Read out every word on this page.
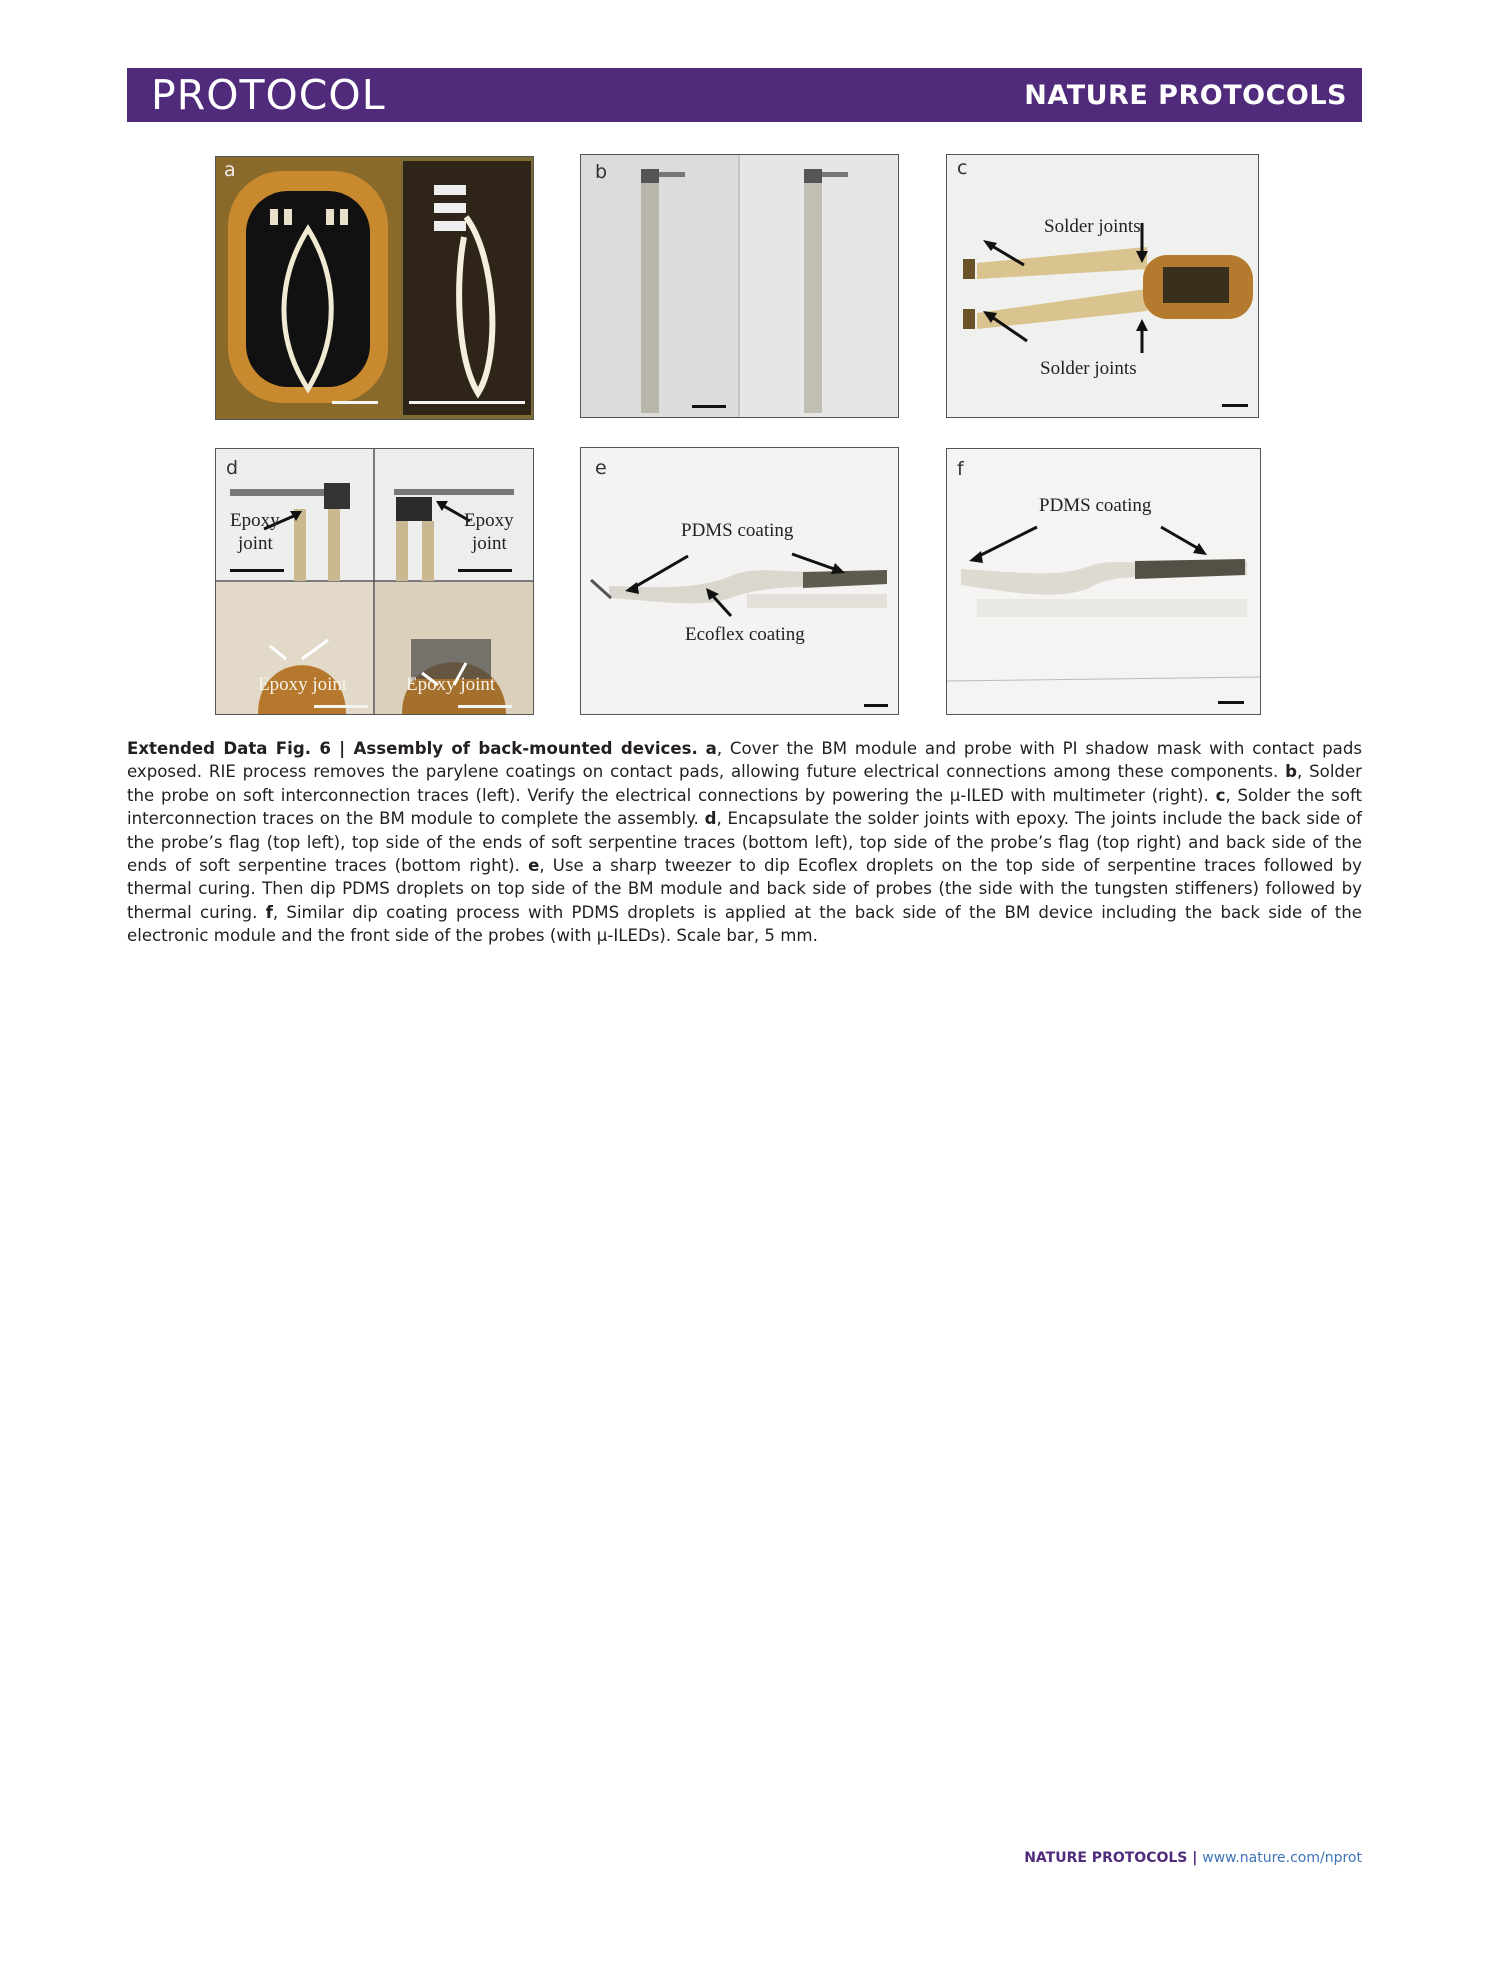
PROTOCOL	NATURE PROTOCOLS
a	b	c
Solder joints
Solder joints
d
Epoxy
joint
Epoxy
joint
Epoxy joint	Epoxy joint
e
PDMS coating
Ecoflex coating
f
PDMS coating
Extended Data Fig. 6 | Assembly of back-mounted devices. a, Cover the BM module and probe with PI shadow mask with contact pads exposed. RIE process removes the parylene coatings on contact pads, allowing future electrical connections among these components. b, Solder the probe on soft interconnection traces (left). Verify the electrical connections by powering the μ-ILED with multimeter (right). c, Solder the soft interconnection traces on the BM module to complete the assembly. d, Encapsulate the solder joints with epoxy. The joints include the back side of the probe’s flag (top left), top side of the ends of soft serpentine traces (bottom left), top side of the probe’s flag (top right) and back side of the ends of soft serpentine traces (bottom right). e, Use a sharp tweezer to dip Ecoflex droplets on the top side of serpentine traces followed by thermal curing. Then dip PDMS droplets on top side of the BM module and back side of probes (the side with the tungsten stiffeners) followed by thermal curing. f, Similar dip coating process with PDMS droplets is applied at the back side of the BM device including the back side of the electronic module and the front side of the probes (with μ-ILEDs). Scale bar, 5 mm.
NATURE PROTOCOLS | www.nature.com/nprot
